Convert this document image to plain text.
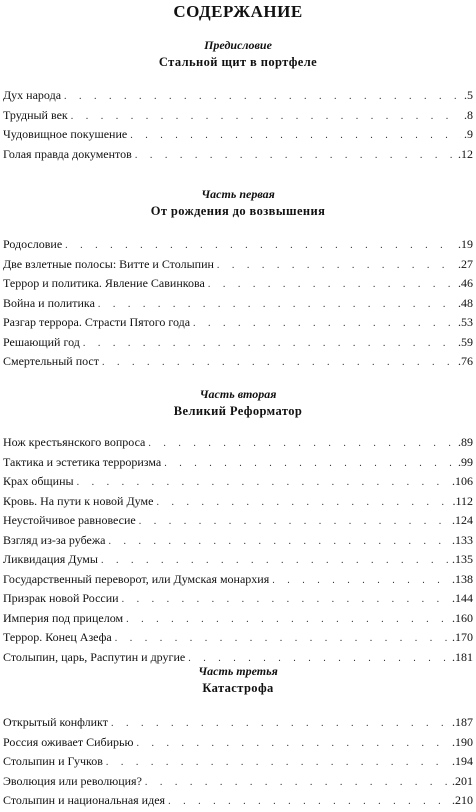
СОДЕРЖАНИЕ
Предисловие
Стальной щит в портфеле
Дух народа . . .	.5
Трудный век . . .	.8
Чудовищное покушение . . .	.9
Голая правда документов . . .	.12
Часть первая
От рождения до возвышения
Родословие . . .	.19
Две взлетные полосы: Витте и Столыпин . . .	.27
Террор и политика. Явление Савинкова . . .	.46
Война и политика . . .	.48
Разгар террора. Страсти Пятого года . . .	.53
Решающий год . . .	.59
Смертельный пост . . .	.76
Часть вторая
Великий Реформатор
Нож крестьянского вопроса . . .	.89
Тактика и эстетика терроризма . . .	.99
Крах общины . . .	.106
Кровь. На пути к новой Думе . . .	.112
Неустойчивое равновесие . . .	.124
Взгляд из-за рубежа . . .	.133
Ликвидация Думы . . .	.135
Государственный переворот, или Думская монархия . . .	.138
Призрак новой России . . .	.144
Империя под прицелом . . .	.160
Террор. Конец Азефа . . .	.170
Столыпин, царь, Распутин и другие . . .	.181
Часть третья
Катастрофа
Открытый конфликт . . .	.187
Россия оживает Сибирью . . .	.190
Столыпин и Гучков . . .	.194
Эволюция или революция? . . .	.201
Столыпин и национальная идея . . .	.210
